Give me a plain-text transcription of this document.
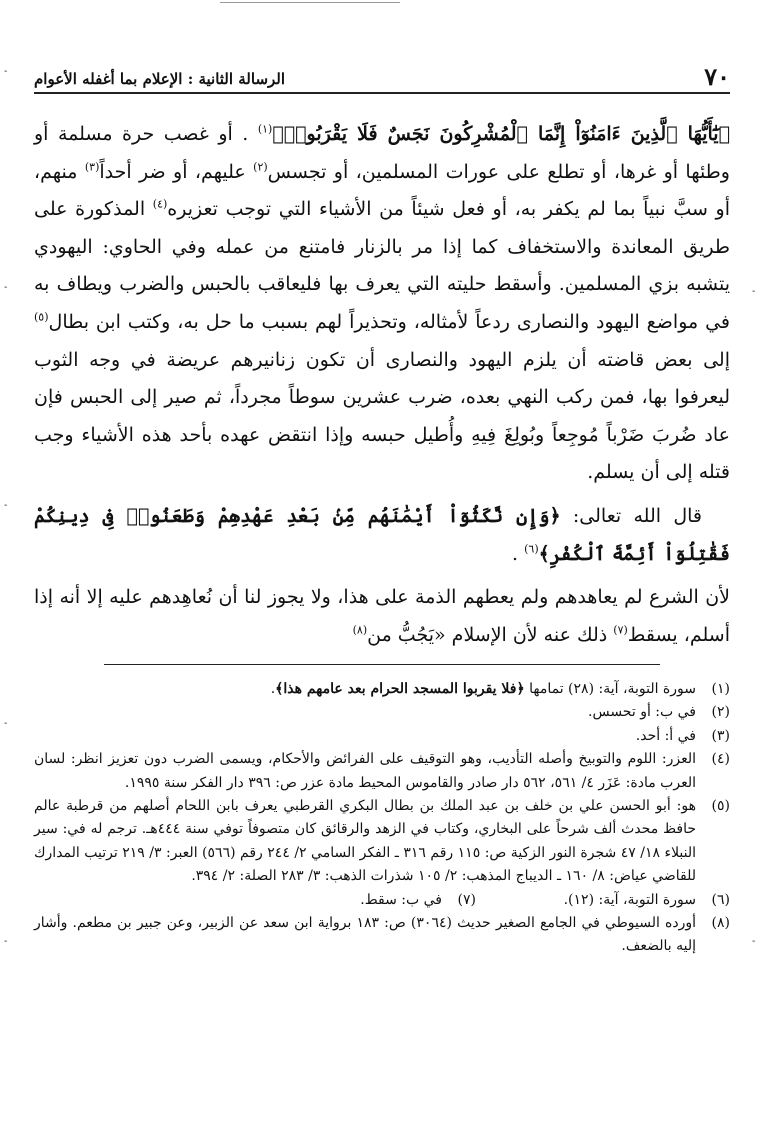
٧٠
الرسالة الثانية : الإعلام بما أغفله الأعوام

﴿يَٰٓأَيُّهَا ٱلَّذِينَ ءَامَنُوٓاْ إِنَّمَا ٱلْمُشْرِكُونَ نَجَسٌ فَلَا يَقْرَبُوا۟﴾$^{(١)}$ . أو غصب حرة مسلمة أو وطئها أو غرها، أو تطلع على عورات المسلمين، أو تجسس$^{(٢)}$ عليهم، أو ضر أحداً$^{(٣)}$ منهم، أو سبَّ نبياً بما لم يكفر به، أو فعل شيئاً من الأشياء التي توجب تعزيره$^{(٤)}$ المذكورة على طريق المعاندة والاستخفاف كما إذا مر بالزنار فامتنع من عمله وفي الحاوي: اليهودي يتشبه بزي المسلمين. وأسقط حليته التي يعرف بها فليعاقب بالحبس والضرب ويطاف به في مواضع اليهود والنصارى ردعاً لأمثاله، وتحذيراً لهم بسبب ما حل به، وكتب ابن بطال$^{(٥)}$ إلى بعض قاضته أن يلزم اليهود والنصارى أن تكون زنانيرهم عريضة في وجه الثوب ليعرفوا بها، فمن ركب النهي بعده، ضرب عشرين سوطاً مجرداً، ثم صير إلى الحبس فإن عاد ضُربَ ضَرْباً مُوجِعاً وبُولِغَ فِيهِ وأُطيل حبسه وإذا انتقض عهده بأحد هذه الأشياء وجب قتله إلى أن يسلم.

قال الله تعالى: ﴿وَإِن نَّكَثُوٓاْ أَيْمَٰنَهُم مِّنۢ بَعْدِ عَهْدِهِمْ وَطَعَنُوا۟ فِى دِينِكُمْ فَقَٰتِلُوٓاْ أَئِمَّةَ ٱلْكُفْرِ﴾$^{(٦)}$ .

لأن الشرع لم يعاهدهم ولم يعطهم الذمة على هذا، ولا يجوز لنا أن نُعاهِدهم عليه إلا أنه إذا أسلم، يسقط$^{(٧)}$ ذلك عنه لأن الإسلام «يَجُبُّ من$^{(٨)}$

(١)
سورة التوبة، آية: (٢٨) تمامها ﴿فلا يقربوا المسجد الحرام بعد عامهم هذا﴾.
(٢)
في ب: أو تحسس.
(٣)
في أ: أحد.
(٤)
العزر: اللوم والتوبيخ وأصله التأديب، وهو التوقيف على الفرائض والأحكام، ويسمى الضرب دون تعزيز انظر: لسان العرب مادة: عَزَر ٤/ ٥٦١، ٥٦٢ دار صادر والقاموس المحيط مادة عزر ص: ٣٩٦ دار الفكر سنة ١٩٩٥.
(٥)
هو: أبو الحسن علي بن خلف بن عبد الملك بن بطال البكري القرطبي يعرف بابن اللحام أصلهم من قرطبة عالم حافظ محدث ألف شرحاً على البخاري، وكتاب في الزهد والرقائق كان متصوفاً توفي سنة ٤٤٤هـ. ترجم له في: سير النبلاء ١٨/ ٤٧ شجرة النور الزكية ص: ١١٥ رقم ٣١٦ ـ الفكر السامي ٢/ ٢٤٤ رقم (٥٦٦) العبر: ٣/ ٢١٩ ترتيب المدارك للقاضي عياض: ٨/ ١٦٠ ـ الديباج المذهب: ٢/ ١٠٥ شذرات الذهب: ٣/ ٢٨٣ الصلة: ٢/ ٣٩٤.
(٦)
سورة التوبة، آية: (١٢).
(٧)
في ب: سقط.
(٨)
أورده السيوطي في الجامع الصغير حديث (٣٠٦٤) ص: ١٨٣ برواية ابن سعد عن الزبير، وعن جبير بن مطعم. وأشار إليه بالضعف.
-
-
-
-
-
-
-
